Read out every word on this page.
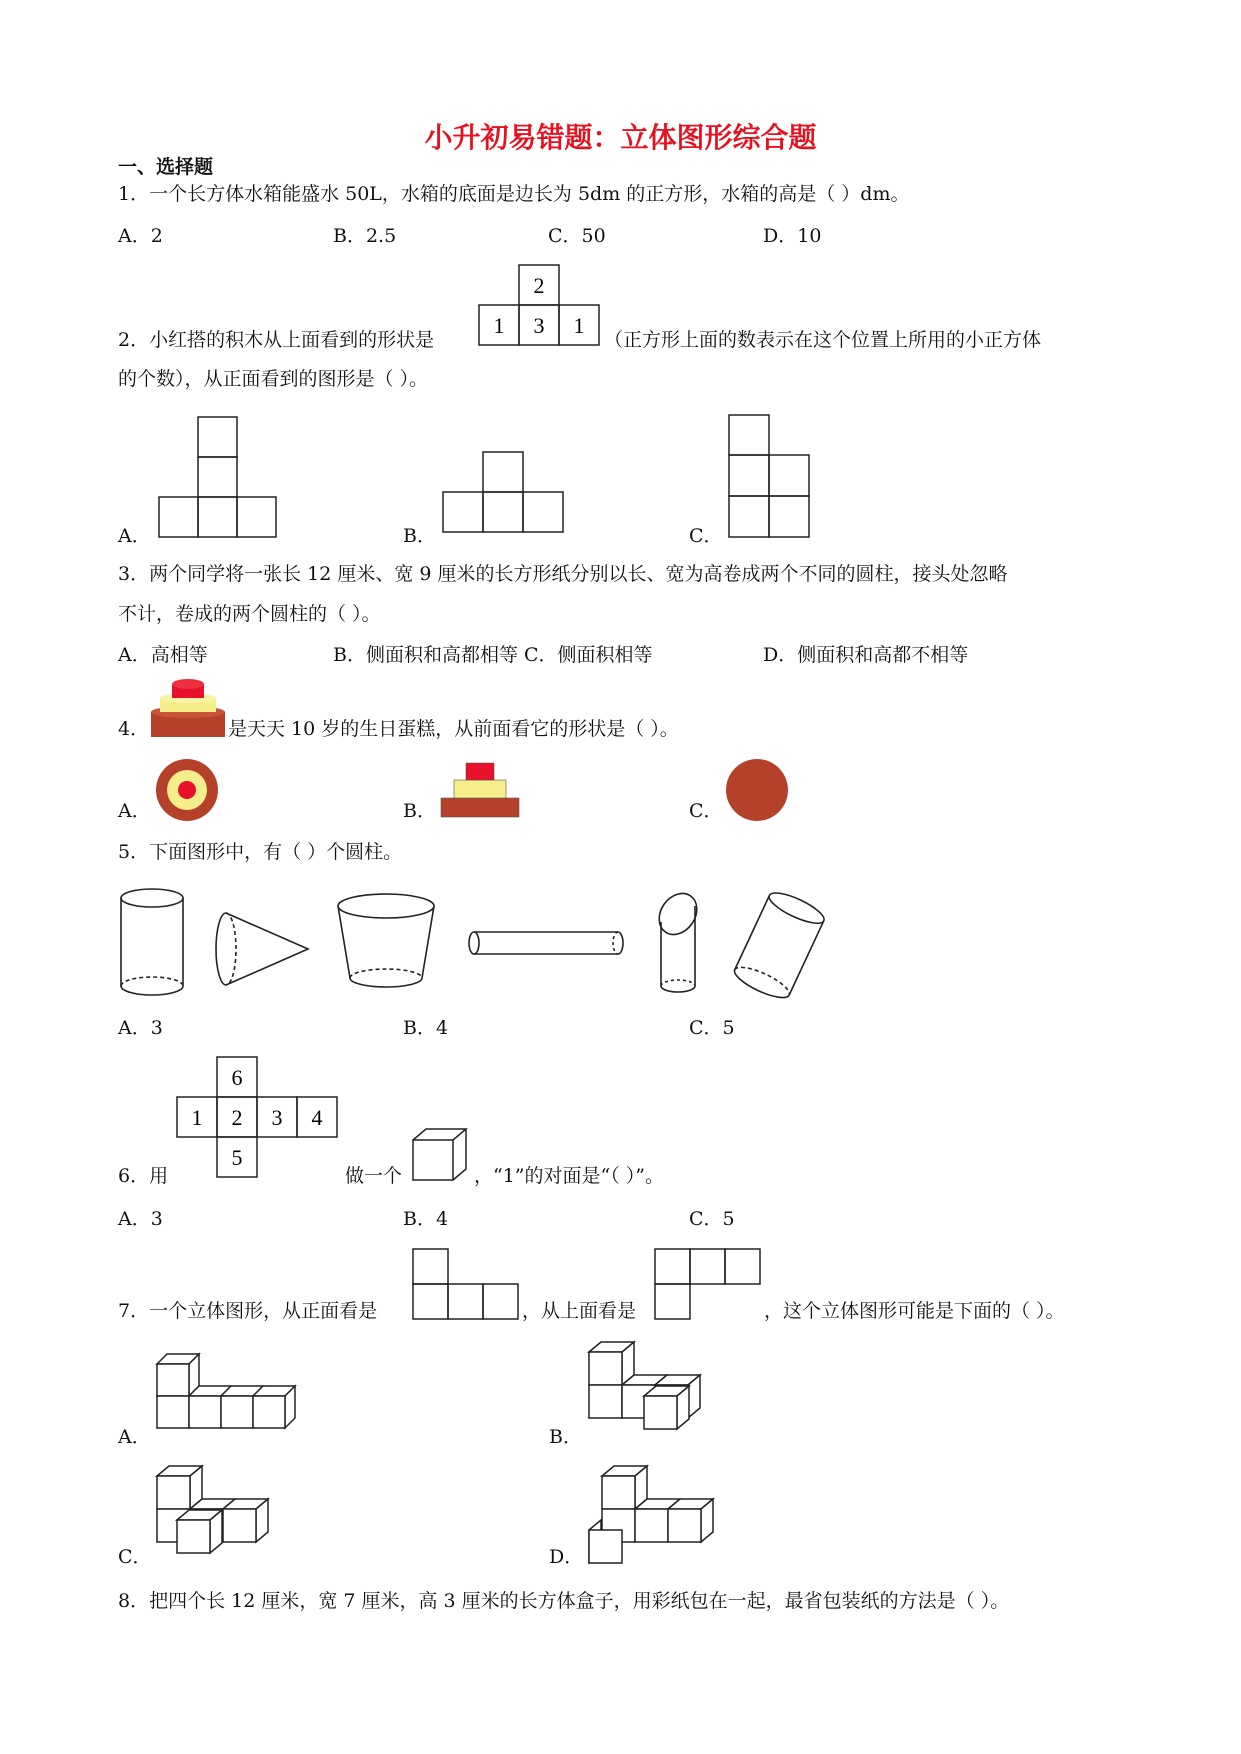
小升初易错题：立体图形综合题
一、选择题
1．一个长方体水箱能盛水 50L，水箱的底面是边长为 5dm 的正方形，水箱的高是（ ）dm。
A．2	B．2.5	C．50	D．10
2．小红搭的积木从上面看到的形状是
2
1 3 1
（正方形上面的数表示在这个位置上所用的小正方体
的个数），从正面看到的图形是（ ）。
A．	B．	C．
3．两个同学将一张长 12 厘米、宽 9 厘米的长方形纸分别以长、宽为高卷成两个不同的圆柱，接头处忽略
不计，卷成的两个圆柱的（ ）。
A．高相等	B．侧面积和高都相等 C．侧面积相等	D．侧面积和高都不相等
4．	是天天 10 岁的生日蛋糕，从前面看它的形状是（ ）。
A．	B．	C．
5．下面图形中，有（ ）个圆柱。
A．3	B．4	C．5
6．用
6
1 2 3 4
5
做一个	，“1”的对面是“（ ）”。
A．3	B．4	C．5
7．一个立体图形，从正面看是	，从上面看是	，这个立体图形可能是下面的（ ）。
A．	B．
C．	D．
8．把四个长 12 厘米，宽 7 厘米，高 3 厘米的长方体盒子，用彩纸包在一起，最省包装纸的方法是（ ）。
